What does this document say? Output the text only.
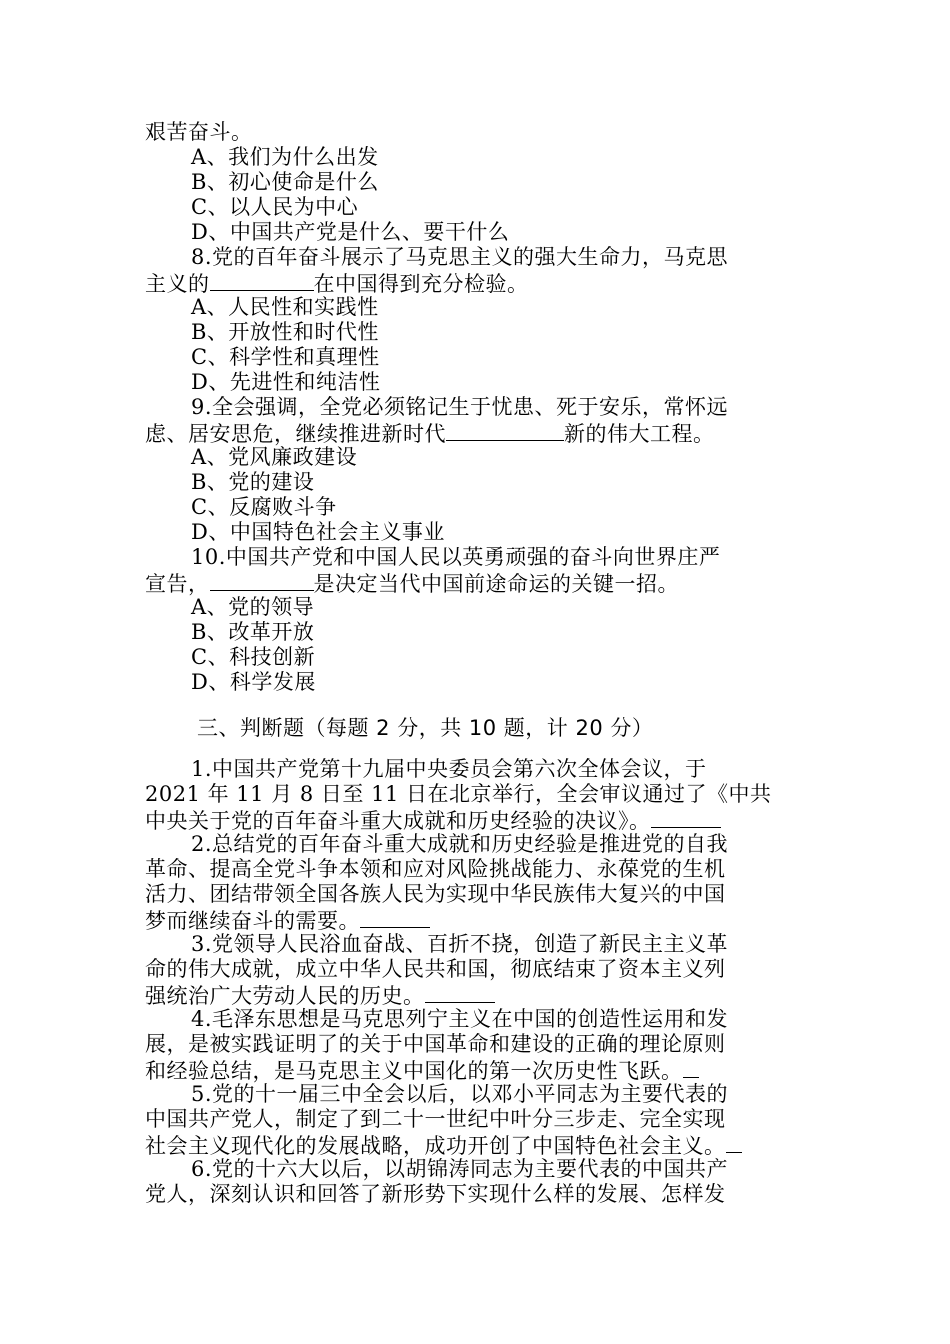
艰苦奋斗。
A、我们为什么出发
B、初心使命是什么
C、以人民为中心
D、中国共产党是什么、要干什么
8.党的百年奋斗展示了马克思主义的强大生命力，马克思
主义的	在中国得到充分检验。
A、人民性和实践性
B、开放性和时代性
C、科学性和真理性
D、先进性和纯洁性
9.全会强调，全党必须铭记生于忧患、死于安乐，常怀远
虑、居安思危，继续推进新时代	新的伟大工程。
A、党风廉政建设
B、党的建设
C、反腐败斗争
D、中国特色社会主义事业
10.中国共产党和中国人民以英勇顽强的奋斗向世界庄严
宣告，	是决定当代中国前途命运的关键一招。
A、党的领导
B、改革开放
C、科技创新
D、科学发展
三、判断题（每题 2 分，共 10 题，计 20 分）
1.中国共产党第十九届中央委员会第六次全体会议，于
2021 年 11 月 8 日至 11 日在北京举行，全会审议通过了《中共
中央关于党的百年奋斗重大成就和历史经验的决议》。
2.总结党的百年奋斗重大成就和历史经验是推进党的自我
革命、提高全党斗争本领和应对风险挑战能力、永葆党的生机
活力、团结带领全国各族人民为实现中华民族伟大复兴的中国
梦而继续奋斗的需要。
3.党领导人民浴血奋战、百折不挠，创造了新民主主义革
命的伟大成就，成立中华人民共和国，彻底结束了资本主义列
强统治广大劳动人民的历史。
4.毛泽东思想是马克思列宁主义在中国的创造性运用和发
展，是被实践证明了的关于中国革命和建设的正确的理论原则
和经验总结，是马克思主义中国化的第一次历史性飞跃。
5.党的十一届三中全会以后，以邓小平同志为主要代表的
中国共产党人，制定了到二十一世纪中叶分三步走、完全实现
社会主义现代化的发展战略，成功开创了中国特色社会主义。
6.党的十六大以后，以胡锦涛同志为主要代表的中国共产
党人，深刻认识和回答了新形势下实现什么样的发展、怎样发
